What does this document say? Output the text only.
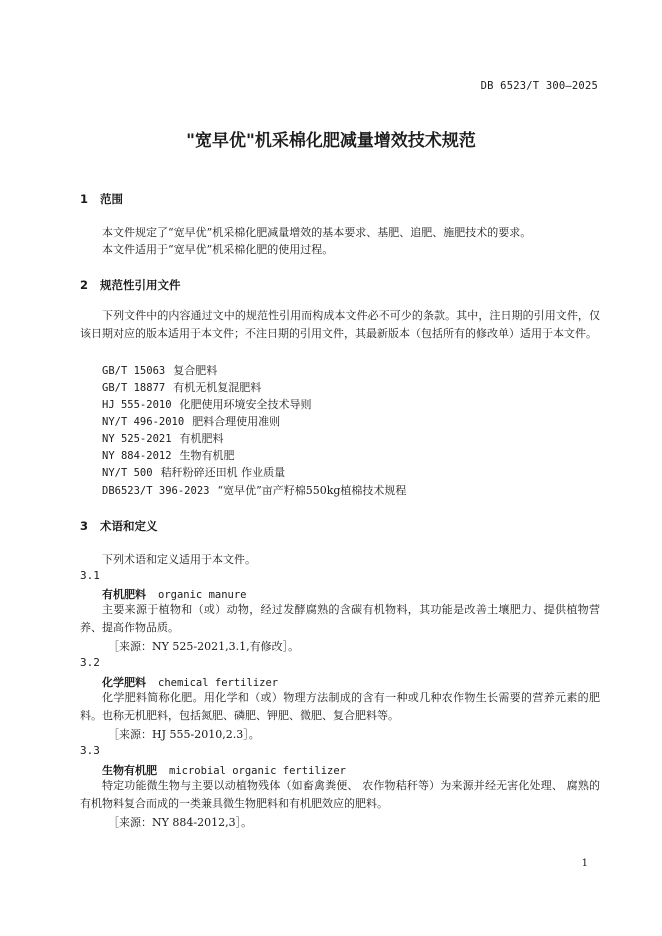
DB 6523/T 300—2025
"宽早优"机采棉化肥减量增效技术规范
1 范围
本文件规定了“宽早优”机采棉化肥减量增效的基本要求、基肥、追肥、施肥技术的要求。
本文件适用于“宽早优”机采棉化肥的使用过程。
2 规范性引用文件
下列文件中的内容通过文中的规范性引用而构成本文件必不可少的条款。其中，注日期的引用文件，仅该日期对应的版本适用于本文件；不注日期的引用文件，其最新版本（包括所有的修改单）适用于本文件。
GB/T 15063 复合肥料
GB/T 18877 有机无机复混肥料
HJ 555-2010 化肥使用环境安全技术导则
NY/T 496-2010 肥料合理使用准则
NY 525-2021 有机肥料
NY 884-2012 生物有机肥
NY/T 500 秸秆粉碎还田机 作业质量
DB6523/T 396-2023 “宽早优”亩产籽棉550kg植棉技术规程
3 术语和定义
下列术语和定义适用于本文件。
3.1
有机肥料 organic manure
主要来源于植物和（或）动物，经过发酵腐熟的含碳有机物料，其功能是改善土壤肥力、提供植物营养、提高作物品质。
［来源：NY 525-2021,3.1,有修改］。
3.2
化学肥料 chemical fertilizer
化学肥料简称化肥。用化学和（或）物理方法制成的含有一种或几种农作物生长需要的营养元素的肥料。也称无机肥料，包括氮肥、磷肥、钾肥、微肥、复合肥料等。
［来源：HJ 555-2010,2.3］。
3.3
生物有机肥 microbial organic fertilizer
特定功能微生物与主要以动植物残体（如畜禽粪便、 农作物秸秆等）为来源并经无害化处理、 腐熟的有机物料复合而成的一类兼具微生物肥料和有机肥效应的肥料。
［来源：NY 884-2012,3］。
1
